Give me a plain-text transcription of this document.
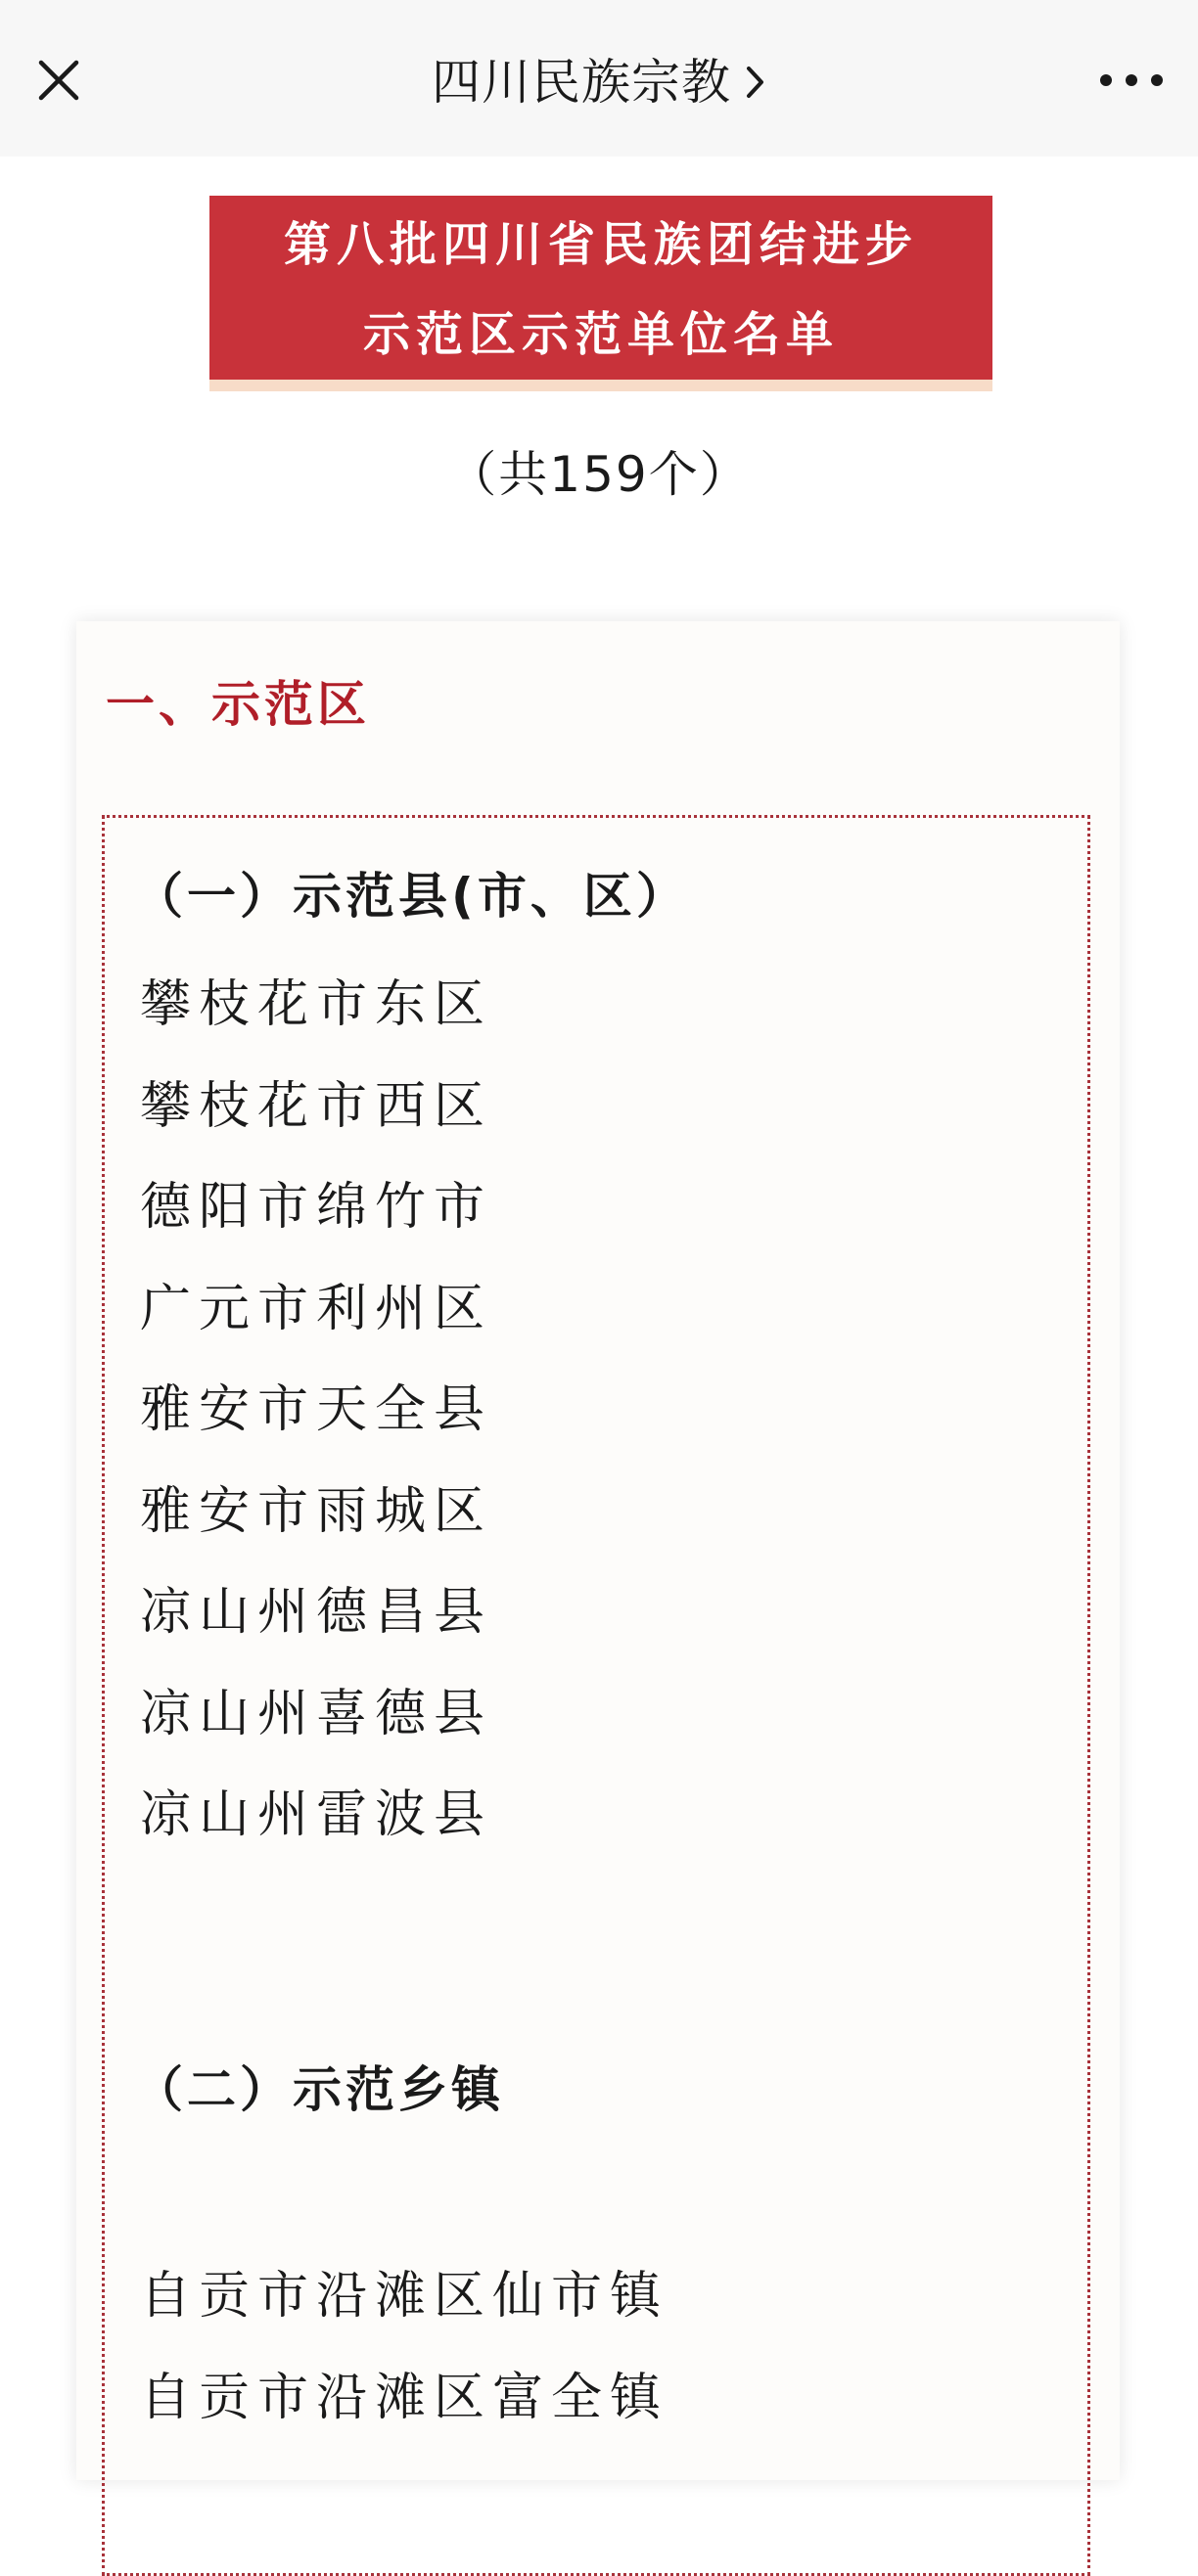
四川民族宗教
第八批四川省民族团结进步
示范区示范单位名单
（共159个）
一、示范区
（一）示范县(市、区）
攀枝花市东区
攀枝花市西区
德阳市绵竹市
广元市利州区
雅安市天全县
雅安市雨城区
凉山州德昌县
凉山州喜德县
凉山州雷波县
（二）示范乡镇
自贡市沿滩区仙市镇
自贡市沿滩区富全镇
